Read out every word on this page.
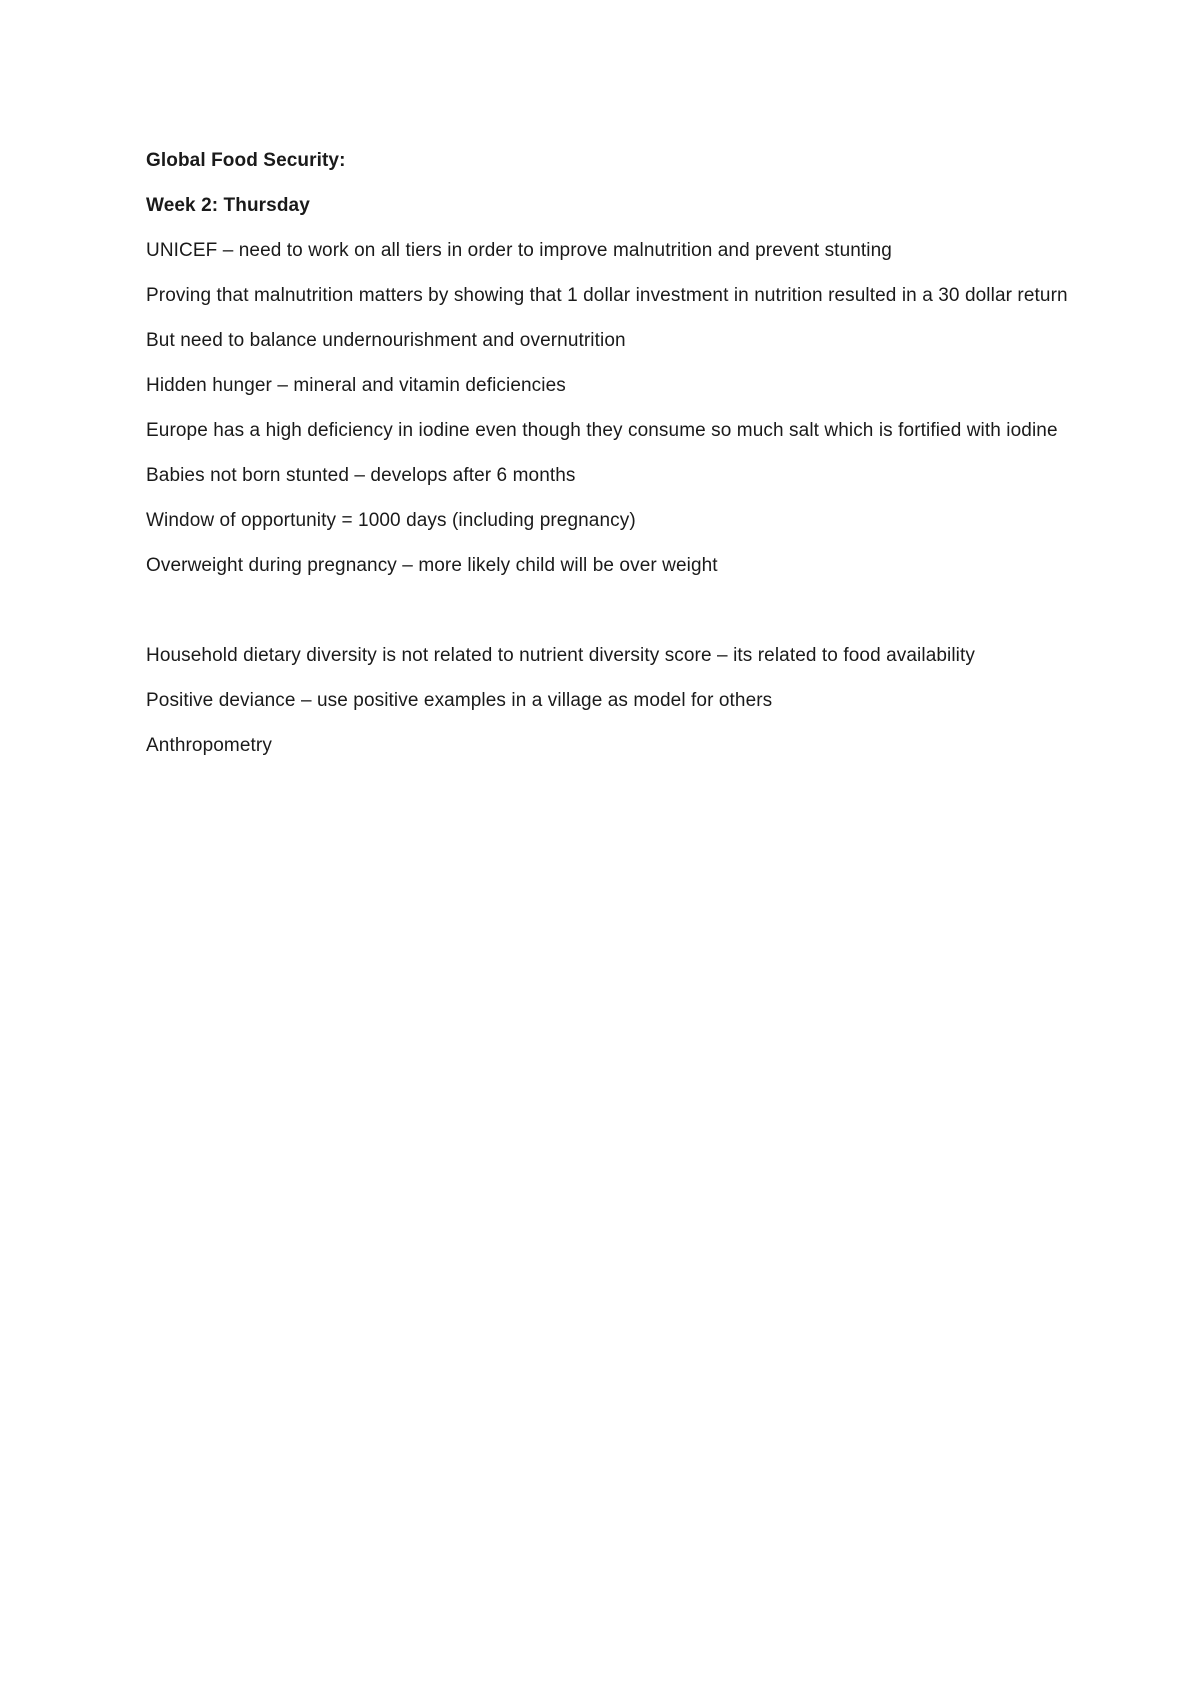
Global Food Security:

Week 2: Thursday

UNICEF – need to work on all tiers in order to improve malnutrition and prevent stunting

Proving that malnutrition matters by showing that 1 dollar investment in nutrition resulted in a 30 dollar return

But need to balance undernourishment and overnutrition

Hidden hunger – mineral and vitamin deficiencies

Europe has a high deficiency in iodine even though they consume so much salt which is fortified with iodine

Babies not born stunted – develops after 6 months

Window of opportunity = 1000 days (including pregnancy)

Overweight during pregnancy – more likely child will be over weight

Household dietary diversity is not related to nutrient diversity score – its related to food availability

Positive deviance – use positive examples in a village as model for others

Anthropometry
